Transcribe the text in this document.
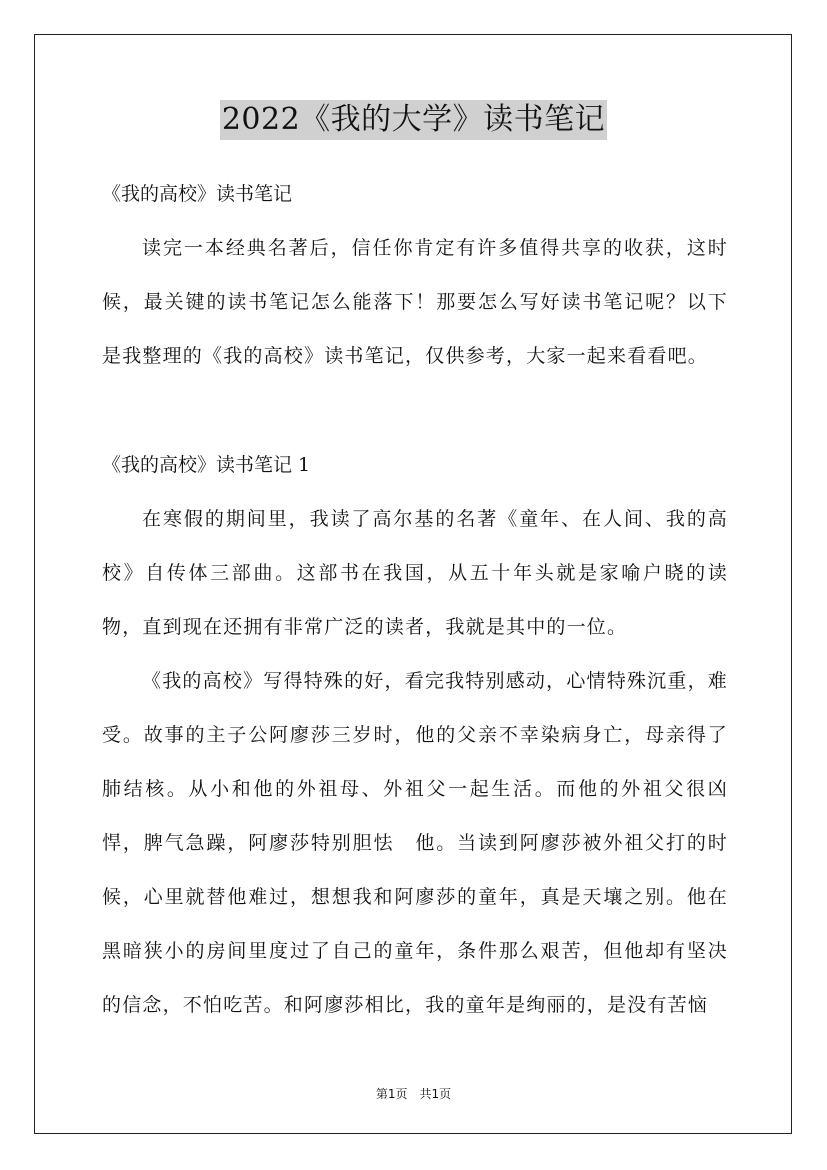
2022《我的大学》读书笔记
《我的高校》读书笔记

读完一本经典名著后，信任你肯定有许多值得共享的收获，这时候，最关键的读书笔记怎么能落下！那要怎么写好读书笔记呢？以下是我整理的《我的高校》读书笔记，仅供参考，大家一起来看看吧。

《我的高校》读书笔记 1

在寒假的期间里，我读了高尔基的名著《童年、在人间、我的高校》自传体三部曲。这部书在我国，从五十年头就是家喻户晓的读物，直到现在还拥有非常广泛的读者，我就是其中的一位。

《我的高校》写得特殊的好，看完我特别感动，心情特殊沉重，难受。故事的主子公阿廖莎三岁时，他的父亲不幸染病身亡，母亲得了肺结核。从小和他的外祖母、外祖父一起生活。而他的外祖父很凶悍，脾气急躁，阿廖莎特别胆怯　他。当读到阿廖莎被外祖父打的时候，心里就替他难过，想想我和阿廖莎的童年，真是天壤之别。他在黑暗狭小的房间里度过了自己的童年，条件那么艰苦，但他却有坚决的信念，不怕吃苦。和阿廖莎相比，我的童年是绚丽的，是没有苦恼

第1页　共1页
